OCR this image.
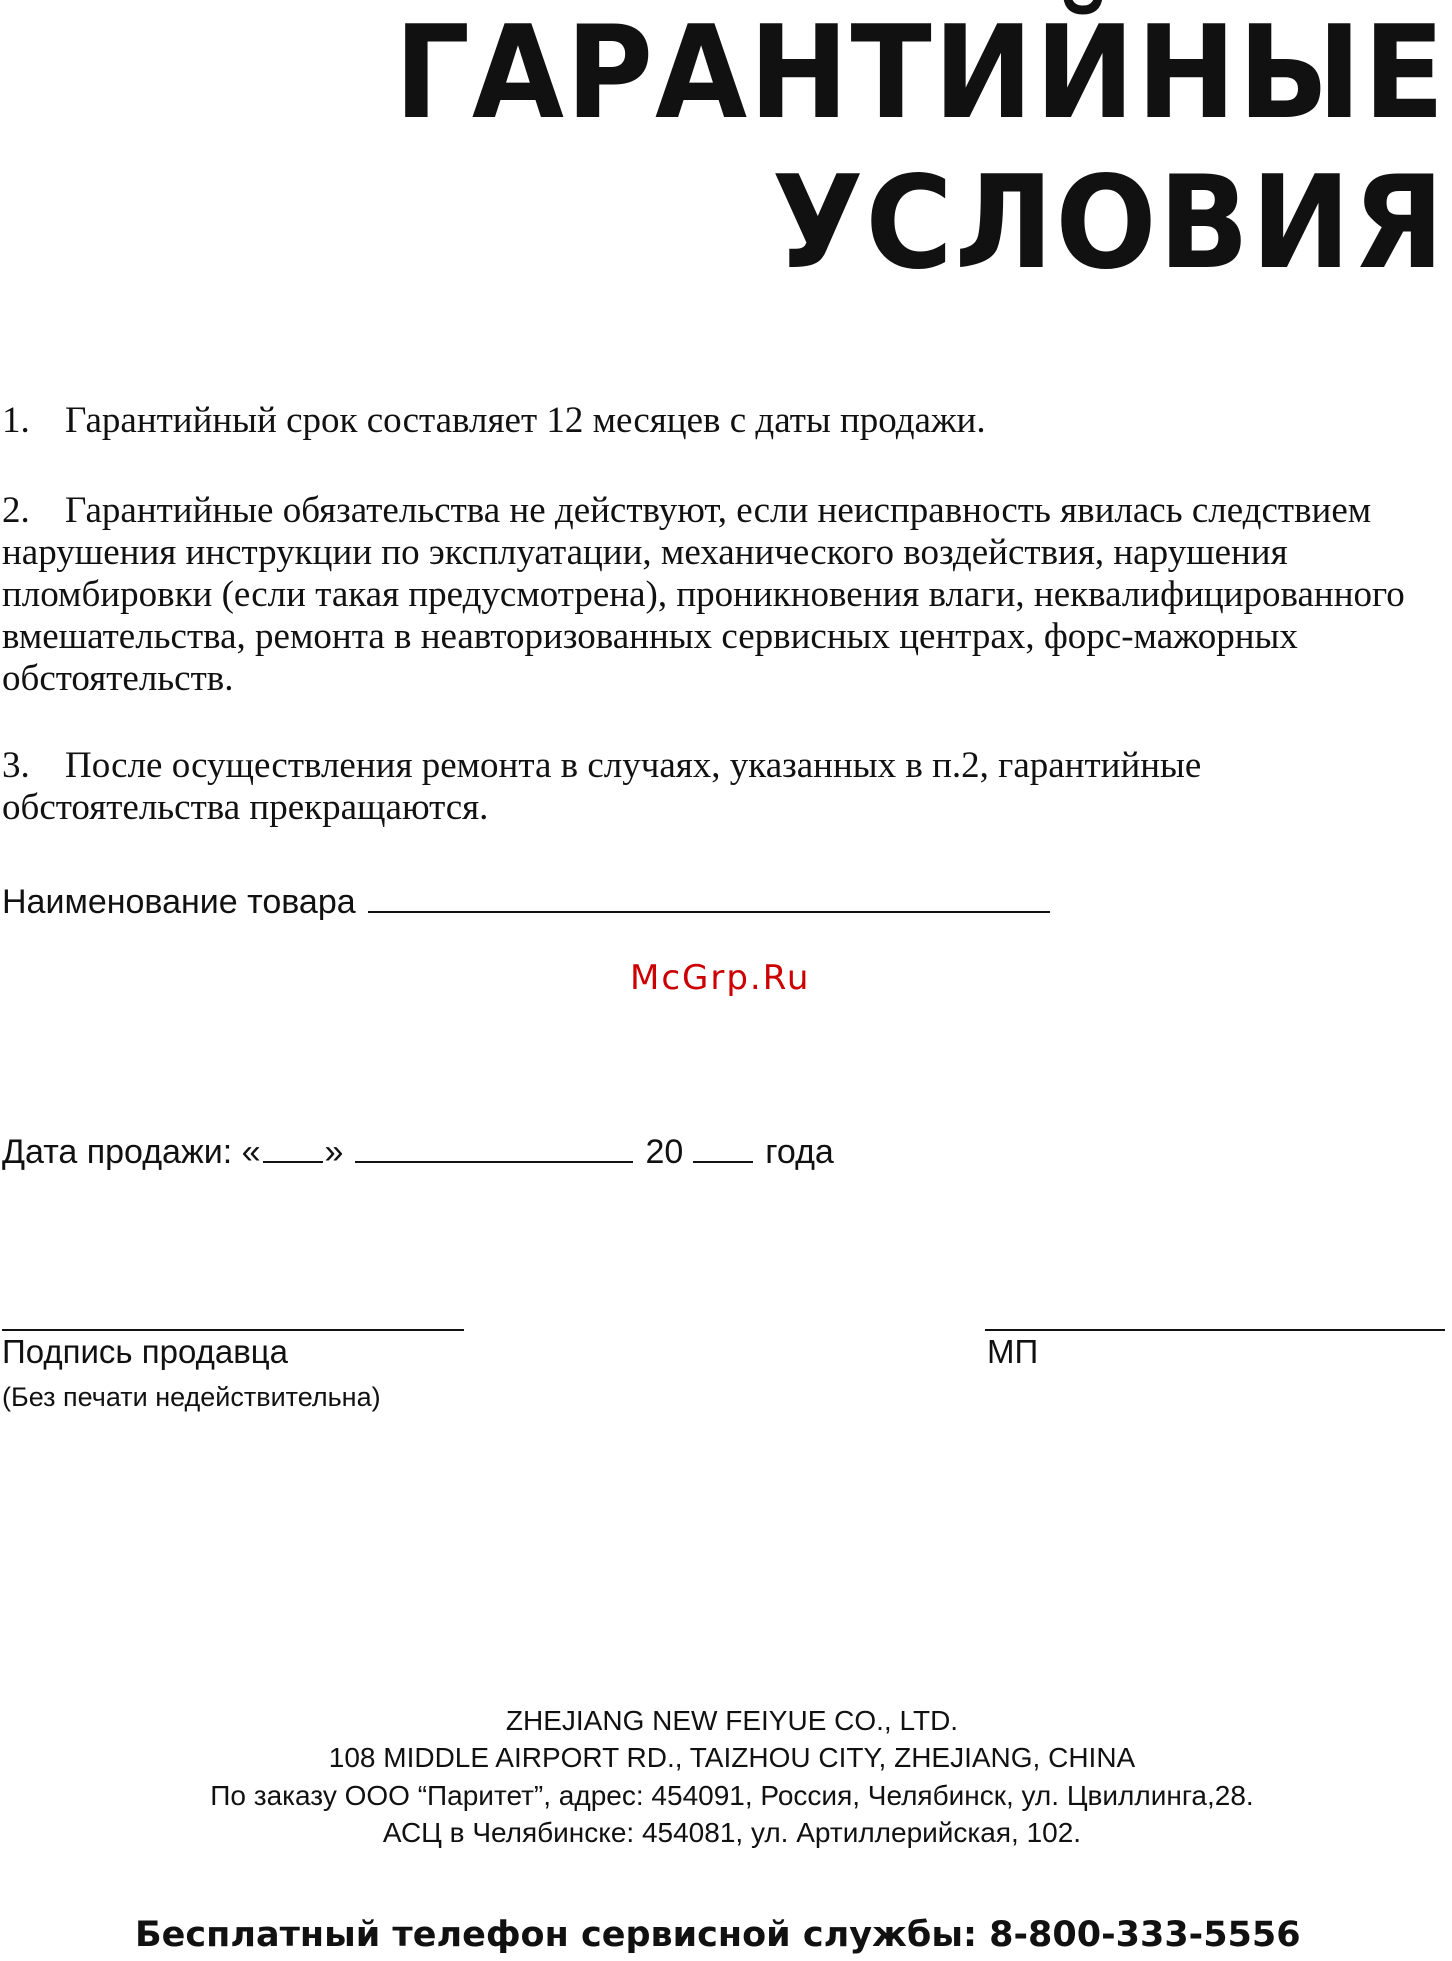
ГАРАНТИЙНЫЕ
УСЛОВИЯ

1. Гарантийный срок составляет 12 месяцев с даты продажи.

2. Гарантийные обязательства не действуют, если неисправность явилась следствием нарушения инструкции по эксплуатации, механического воздействия, нарушения пломбировки (если такая предусмотрена), проникновения влаги, неквалифицированного вмешательства, ремонта в неавторизованных сервисных центрах, форс-мажорных обстоятельств.

3. После осуществления ремонта в случаях, указанных в п.2, гарантийные обстоятельства прекращаются.

Наименование товара
McGrp.Ru
Дата продажи: « »	20 года
Подпись продавца	МП
(Без печати недействительна)

ZHEJIANG NEW FEIYUE CO., LTD.

108 MIDDLE AIRPORT RD., TAIZHOU CITY, ZHEJIANG, CHINA

По заказу ООО “Паритет”, адрес: 454091, Россия, Челябинск, ул. Цвиллинга,28.

АСЦ в Челябинске: 454081, ул. Артиллерийская, 102.

Бесплатный телефон сервисной службы: 8-800-333-5556
